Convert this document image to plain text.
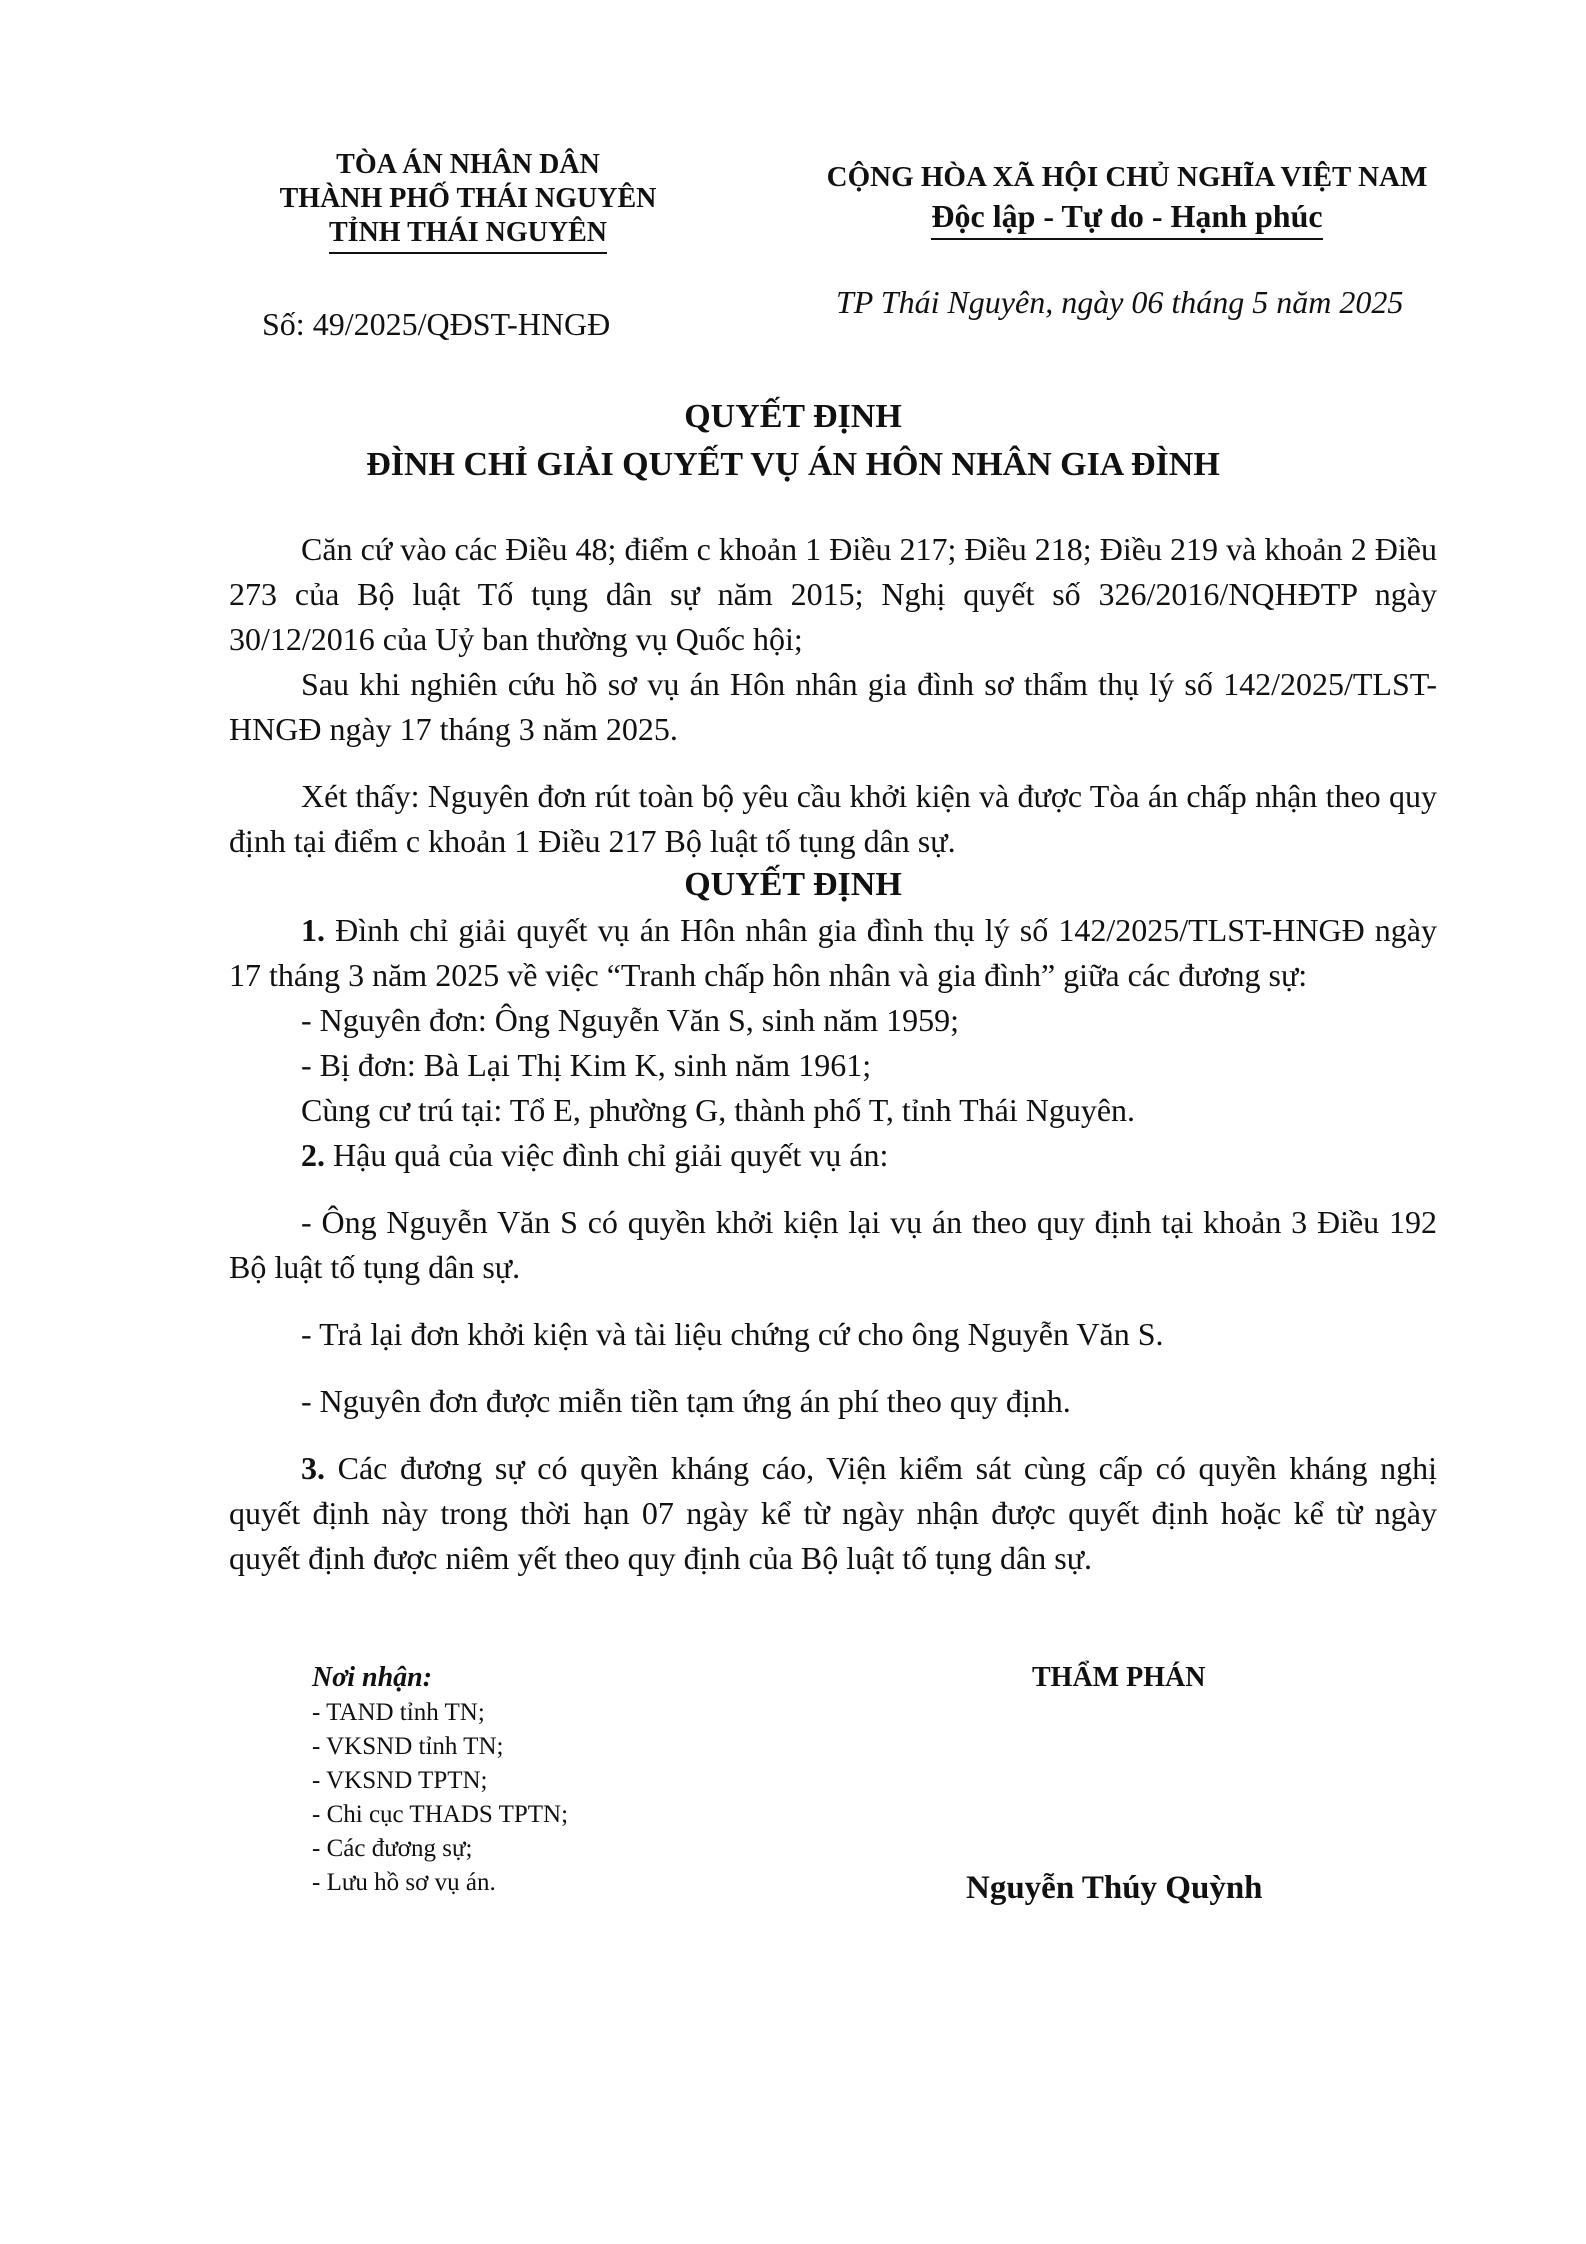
TÒA ÁN NHÂN DÂN
THÀNH PHỐ THÁI NGUYÊN
TỈNH THÁI NGUYÊN
CỘNG HÒA XÃ HỘI CHỦ NGHĨA VIỆT NAM
Độc lập - Tự do - Hạnh phúc
Số: 49/2025/QĐST-HNGĐ
TP Thái Nguyên, ngày 06 tháng 5 năm 2025
QUYẾT ĐỊNH
ĐÌNH CHỈ GIẢI QUYẾT VỤ ÁN HÔN NHÂN GIA ĐÌNH

Căn cứ vào các Điều 48; điểm c khoản 1 Điều 217; Điều 218; Điều 219 và khoản 2 Điều 273 của Bộ luật Tố tụng dân sự năm 2015; Nghị quyết số 326/2016/NQHĐTP ngày 30/12/2016 của Uỷ ban thường vụ Quốc hội;

Sau khi nghiên cứu hồ sơ vụ án Hôn nhân gia đình sơ thẩm thụ lý số 142/2025/TLST-HNGĐ ngày 17 tháng 3 năm 2025.

Xét thấy: Nguyên đơn rút toàn bộ yêu cầu khởi kiện và được Tòa án chấp nhận theo quy định tại điểm c khoản 1 Điều 217 Bộ luật tố tụng dân sự.

QUYẾT ĐỊNH

1. Đình chỉ giải quyết vụ án Hôn nhân gia đình thụ lý số 142/2025/TLST-HNGĐ ngày 17 tháng 3 năm 2025 về việc “Tranh chấp hôn nhân và gia đình” giữa các đương sự:

- Nguyên đơn: Ông Nguyễn Văn S, sinh năm 1959;

- Bị đơn: Bà Lại Thị Kim K, sinh năm 1961;

Cùng cư trú tại: Tổ E, phường G, thành phố T, tỉnh Thái Nguyên.

2. Hậu quả của việc đình chỉ giải quyết vụ án:

- Ông Nguyễn Văn S có quyền khởi kiện lại vụ án theo quy định tại khoản 3 Điều 192 Bộ luật tố tụng dân sự.

- Trả lại đơn khởi kiện và tài liệu chứng cứ cho ông Nguyễn Văn S.

- Nguyên đơn được miễn tiền tạm ứng án phí theo quy định.

3. Các đương sự có quyền kháng cáo, Viện kiểm sát cùng cấp có quyền kháng nghị quyết định này trong thời hạn 07 ngày kể từ ngày nhận được quyết định hoặc kể từ ngày quyết định được niêm yết theo quy định của Bộ luật tố tụng dân sự.

Nơi nhận:
- TAND tỉnh TN;
- VKSND tỉnh TN;
- VKSND TPTN;
- Chi cục THADS TPTN;
- Các đương sự;
- Lưu hồ sơ vụ án.
THẨM PHÁN
Nguyễn Thúy Quỳnh
